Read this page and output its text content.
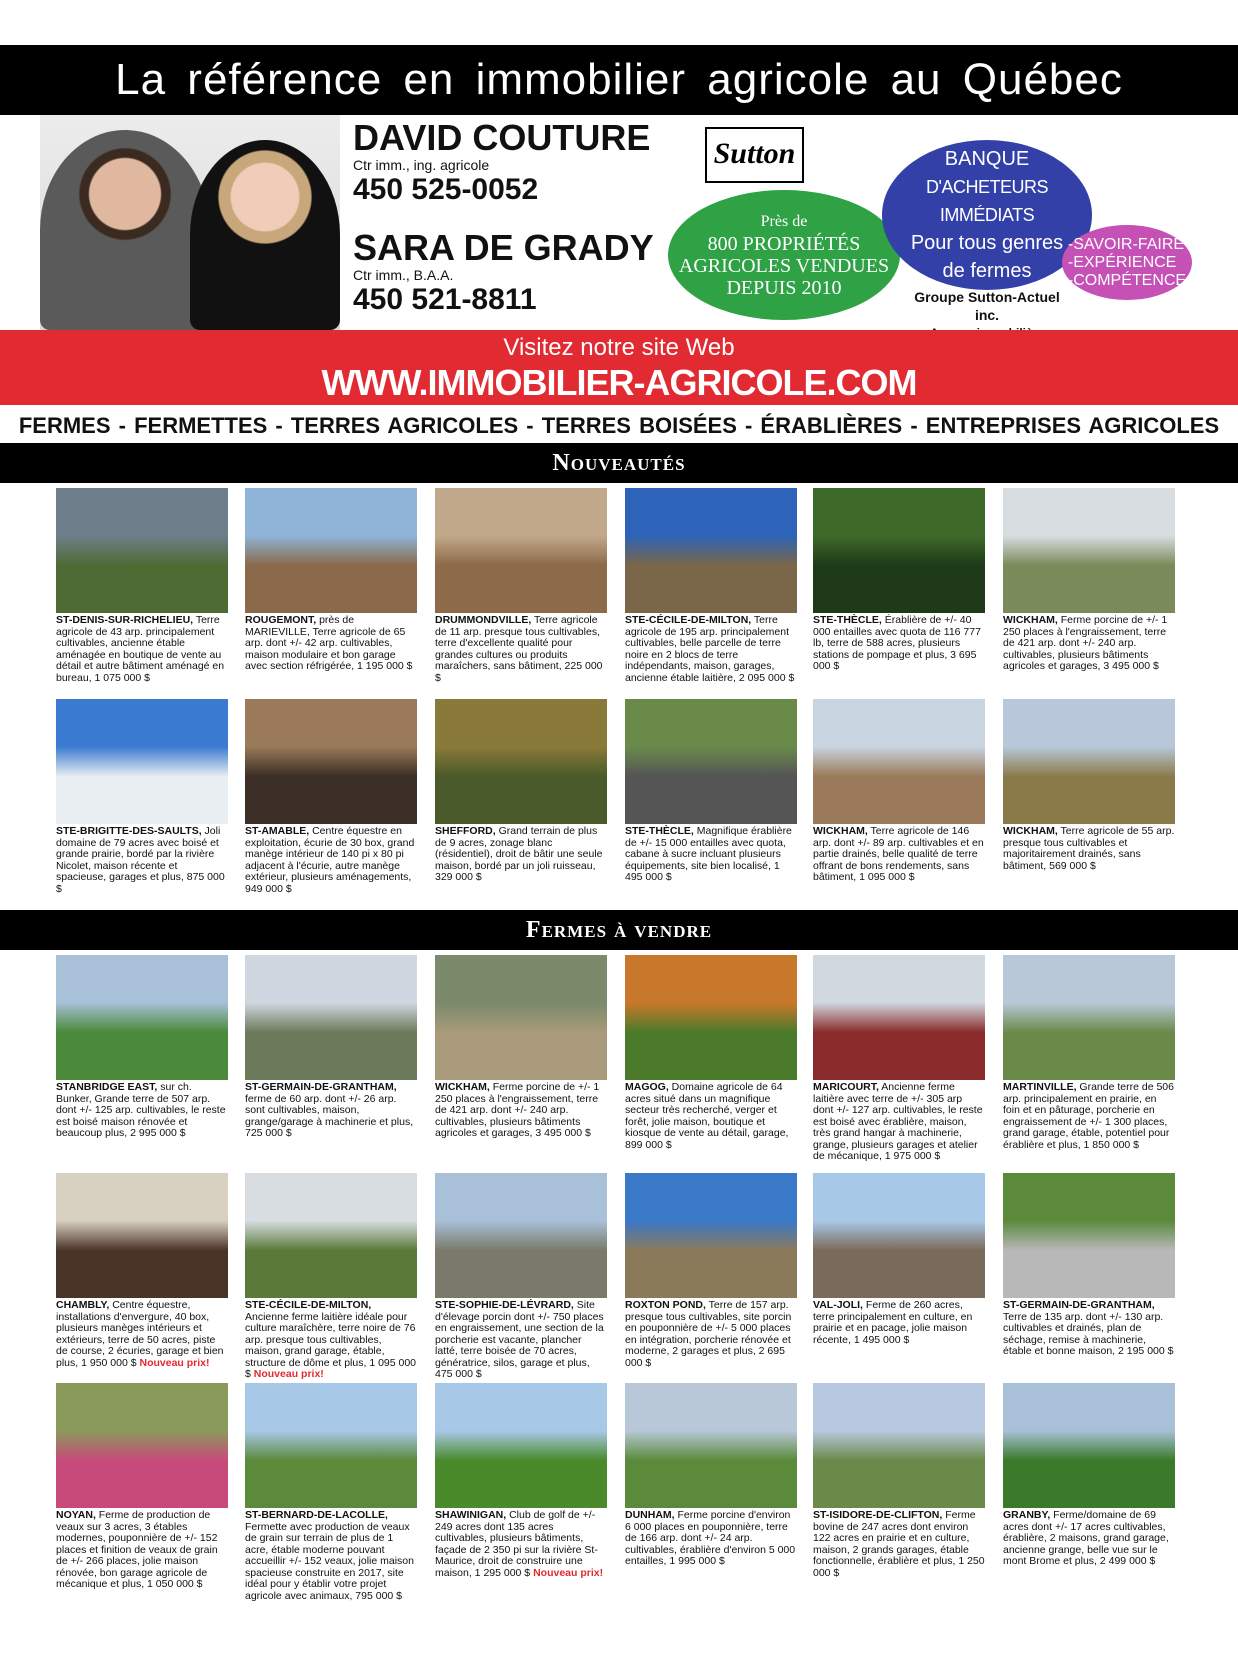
La référence en immobilier agricole au Québec
DAVID COUTURE
Ctr imm., ing. agricole
450 525-0052
SARA DE GRADY
Ctr imm., B.A.A.
450 521-8811
Sutton
Près de
800 PROPRIÉTÉS
AGRICOLES VENDUES
DEPUIS 2010
BANQUE
D'ACHETEURS IMMÉDIATS
Pour tous genres
de fermes
-SAVOIR-FAIRE
-EXPÉRIENCE
-COMPÉTENCE
Groupe Sutton-Actuel inc.
Visitez notre site Web
WWW.IMMOBILIER-AGRICOLE.COM
FERMES - FERMETTES - TERRES AGRICOLES - TERRES BOISÉES - ÉRABLIÈRES - ENTREPRISES AGRICOLES
Nouveautés
ST-DENIS-SUR-RICHELIEU, Terre agricole de 43 arp. principalement cultivables, ancienne étable aménagée en boutique de vente au détail et autre bâtiment aménagé en bureau, 1 075 000 $
ROUGEMONT, près de MARIEVILLE, Terre agricole de 65 arp. dont +/- 42 arp. cultivables, maison modulaire et bon garage avec section réfrigérée, 1 195 000 $
DRUMMONDVILLE, Terre agricole de 11 arp. presque tous cultivables, terre d'excellente qualité pour grandes cultures ou produits maraîchers, sans bâtiment, 225 000 $
STE-CÉCILE-DE-MILTON, Terre agricole de 195 arp. principalement cultivables, belle parcelle de terre noire en 2 blocs de terre indépendants, maison, garages, ancienne étable laitière, 2 095 000 $
STE-THÈCLE, Érablière de +/- 40 000 entailles avec quota de 116 777 lb, terre de 588 acres, plusieurs stations de pompage et plus, 3 695 000 $
WICKHAM, Ferme porcine de +/- 1 250 places à l'engraissement, terre de 421 arp. dont +/- 240 arp. cultivables, plusieurs bâtiments agricoles et garages, 3 495 000 $
STE-BRIGITTE-DES-SAULTS, Joli domaine de 79 acres avec boisé et grande prairie, bordé par la rivière Nicolet, maison récente et spacieuse, garages et plus, 875 000 $
ST-AMABLE, Centre équestre en exploitation, écurie de 30 box, grand manège intérieur de 140 pi x 80 pi adjacent à l'écurie, autre manège extérieur, plusieurs aménagements, 949 000 $
SHEFFORD, Grand terrain de plus de 9 acres, zonage blanc (résidentiel), droit de bâtir une seule maison, bordé par un joli ruisseau, 329 000 $
STE-THÈCLE, Magnifique érablière de +/- 15 000 entailles avec quota, cabane à sucre incluant plusieurs équipements, site bien localisé, 1 495 000 $
WICKHAM, Terre agricole de 146 arp. dont +/- 89 arp. cultivables et en partie drainés, belle qualité de terre offrant de bons rendements, sans bâtiment, 1 095 000 $
WICKHAM, Terre agricole de 55 arp. presque tous cultivables et majoritairement drainés, sans bâtiment, 569 000 $
Fermes à vendre
STANBRIDGE EAST, sur ch. Bunker, Grande terre de 507 arp. dont +/- 125 arp. cultivables, le reste est boisé maison rénovée et beaucoup plus, 2 995 000 $
ST-GERMAIN-DE-GRANTHAM, ferme de 60 arp. dont +/- 26 arp. sont cultivables, maison, grange/garage à machinerie et plus, 725 000 $
WICKHAM, Ferme porcine de +/- 1 250 places à l'engraissement, terre de 421 arp. dont +/- 240 arp. cultivables, plusieurs bâtiments agricoles et garages, 3 495 000 $
MAGOG, Domaine agricole de 64 acres situé dans un magnifique secteur très recherché, verger et forêt, jolie maison, boutique et kiosque de vente au détail, garage, 899 000 $
MARICOURT, Ancienne ferme laitière avec terre de +/- 305 arp dont +/- 127 arp. cultivables, le reste est boisé avec érablière, maison, très grand hangar à machinerie, grange, plusieurs garages et atelier de mécanique, 1 975 000 $
MARTINVILLE, Grande terre de 506 arp. principalement en prairie, en foin et en pâturage, porcherie en engraissement de +/- 1 300 places, grand garage, étable, potentiel pour érablière et plus, 1 850 000 $
CHAMBLY, Centre équestre, installations d'envergure, 40 box, plusieurs manèges intérieurs et extérieurs, terre de 50 acres, piste de course, 2 écuries, garage et bien plus, 1 950 000 $ Nouveau prix!
STE-CÉCILE-DE-MILTON, Ancienne ferme laitière idéale pour culture maraîchère, terre noire de 76 arp. presque tous cultivables, maison, grand garage, étable, structure de dôme et plus, 1 095 000 $ Nouveau prix!
STE-SOPHIE-DE-LÉVRARD, Site d'élevage porcin dont +/- 750 places en engraissement, une section de la porcherie est vacante, plancher latté, terre boisée de 70 acres, génératrice, silos, garage et plus, 475 000 $
ROXTON POND, Terre de 157 arp. presque tous cultivables, site porcin en pouponnière de +/- 5 000 places en intégration, porcherie rénovée et moderne, 2 garages et plus, 2 695 000 $
VAL-JOLI, Ferme de 260 acres, terre principalement en culture, en prairie et en pacage, jolie maison récente, 1 495 000 $
ST-GERMAIN-DE-GRANTHAM, Terre de 135 arp. dont +/- 130 arp. cultivables et drainés, plan de séchage, remise à machinerie, étable et bonne maison, 2 195 000 $
NOYAN, Ferme de production de veaux sur 3 acres, 3 étables modernes, pouponnière de +/- 152 places et finition de veaux de grain de +/- 266 places, jolie maison rénovée, bon garage agricole de mécanique et plus, 1 050 000 $
ST-BERNARD-DE-LACOLLE, Fermette avec production de veaux de grain sur terrain de plus de 1 acre, étable moderne pouvant accueillir +/- 152 veaux, jolie maison spacieuse construite en 2017, site idéal pour y établir votre projet agricole avec animaux, 795 000 $
SHAWINIGAN, Club de golf de +/- 249 acres dont 135 acres cultivables, plusieurs bâtiments, façade de 2 350 pi sur la rivière St-Maurice, droit de construire une maison, 1 295 000 $ Nouveau prix!
DUNHAM, Ferme porcine d'environ 6 000 places en pouponnière, terre de 166 arp. dont +/- 24 arp. cultivables, érablière d'environ 5 000 entailles, 1 995 000 $
ST-ISIDORE-DE-CLIFTON, Ferme bovine de 247 acres dont environ 122 acres en prairie et en culture, maison, 2 grands garages, étable fonctionnelle, érablière et plus, 1 250 000 $
GRANBY, Ferme/domaine de 69 acres dont +/- 17 acres cultivables, érablière, 2 maisons, grand garage, ancienne grange, belle vue sur le mont Brome et plus, 2 499 000 $
